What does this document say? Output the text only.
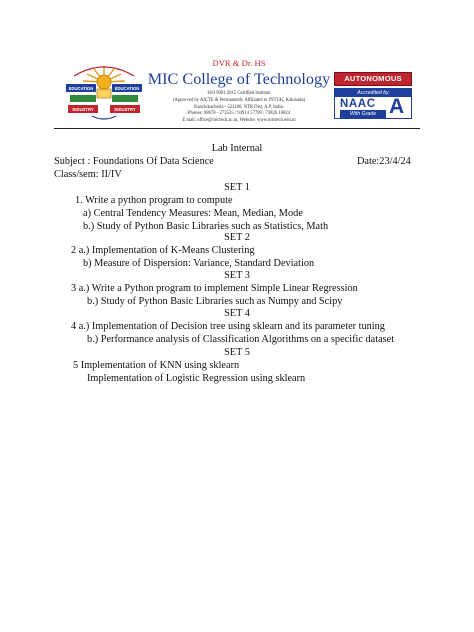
EDUCATION	EDUCATION
INDUSTRY	INDUSTRY
DVR & Dr. HS
MIC College of Technology
ISO 9001:2015 Certified Institute
(Approved by AICTE & Permanently Affiliated to JNTUK, Kakinada)
Kanchikacherla - 521180, NTR Dist, A.P, India.
Phones: 08678 - 273535 / 94914 57799 / 73826 16824
E mail: office@mictech.ac.in, Website: www.mictech.edu.in
AUTONOMOUS
Accredited by
NAAC
With Grade A
Lab Internal
Subject : Foundations Of Data Science	Date:23/4/24
Class/sem: II/IV
SET 1
1. Write a python program to compute
a) Central Tendency Measures: Mean, Median, Mode
b.) Study of Python Basic Libraries such as Statistics, Math
SET 2
2 a.) Implementation of K-Means Clustering
b) Measure of Dispersion: Variance, Standard Deviation
SET 3
3 a.) Write a Python program to implement Simple Linear Regression
b.) Study of Python Basic Libraries such as Numpy and Scipy
SET 4
4 a.) Implementation of Decision tree using sklearn and its parameter tuning
b.) Performance analysis of Classification Algorithms on a specific dataset
SET 5
5 Implementation of KNN using sklearn
Implementation of Logistic Regression using sklearn
